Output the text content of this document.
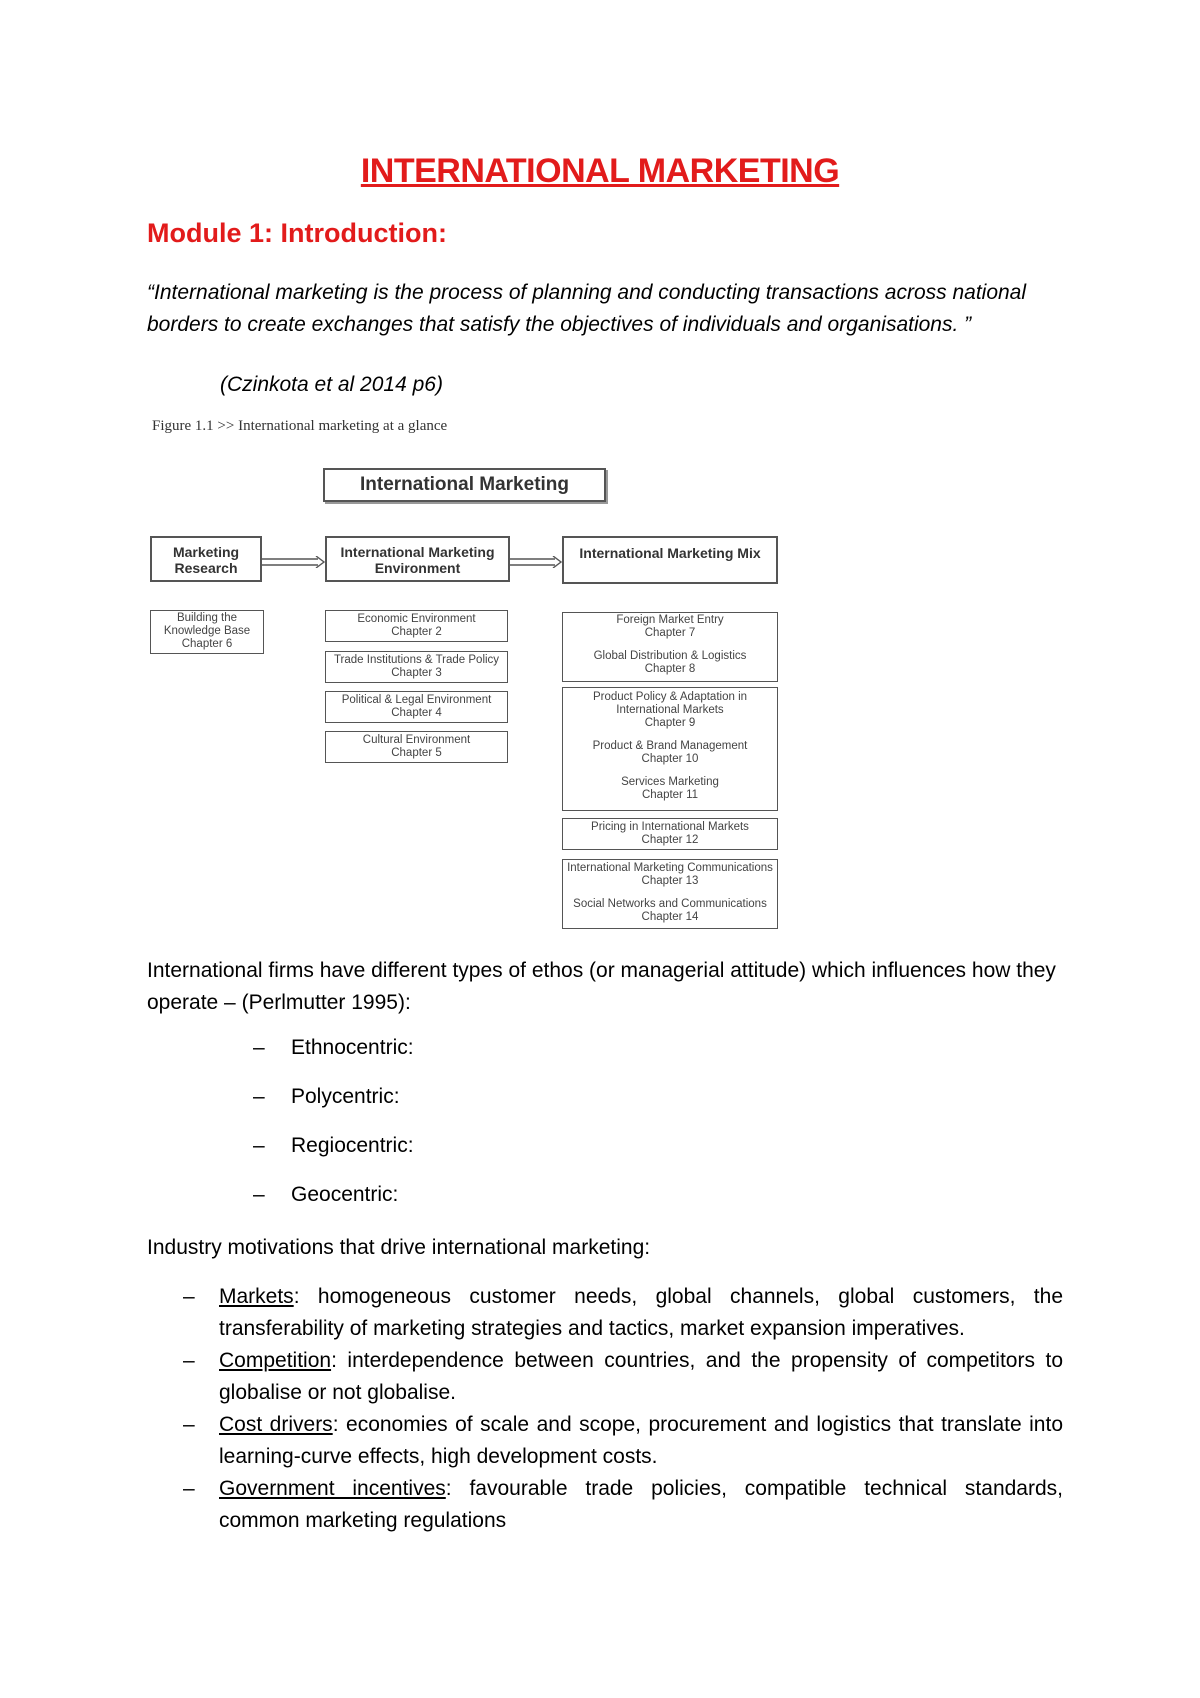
INTERNATIONAL MARKETING
Module 1: Introduction:
“International marketing is the process of planning and conducting transactions across national borders to create exchanges that satisfy the objectives of individuals and organisations. ”
(Czinkota et al 2014 p6)
Figure 1.1 >> International marketing at a glance
International Marketing
Marketing Research
International Marketing Environment
International Marketing Mix
Building the Knowledge Base
Chapter 6
Economic Environment
Chapter 2
Trade Institutions & Trade Policy
Chapter 3
Political & Legal Environment
Chapter 4
Cultural Environment
Chapter 5
Foreign Market Entry
Chapter 7
Global Distribution & Logistics
Chapter 8
Product Policy & Adaptation in International Markets
Chapter 9
Product & Brand Management
Chapter 10
Services Marketing
Chapter 11
Pricing in International Markets
Chapter 12
International Marketing Communications
Chapter 13
Social Networks and Communications
Chapter 14
International firms have different types of ethos (or managerial attitude) which influences how they operate – (Perlmutter 1995):
– Ethnocentric:
– Polycentric:
– Regiocentric:
– Geocentric:
Industry motivations that drive international marketing:
– Markets: homogeneous customer needs, global channels, global customers, the transferability of marketing strategies and tactics, market expansion imperatives.
– Competition: interdependence between countries, and the propensity of competitors to globalise or not globalise.
– Cost drivers: economies of scale and scope, procurement and logistics that translate into learning-curve effects, high development costs.
– Government incentives: favourable trade policies, compatible technical standards, common marketing regulations
